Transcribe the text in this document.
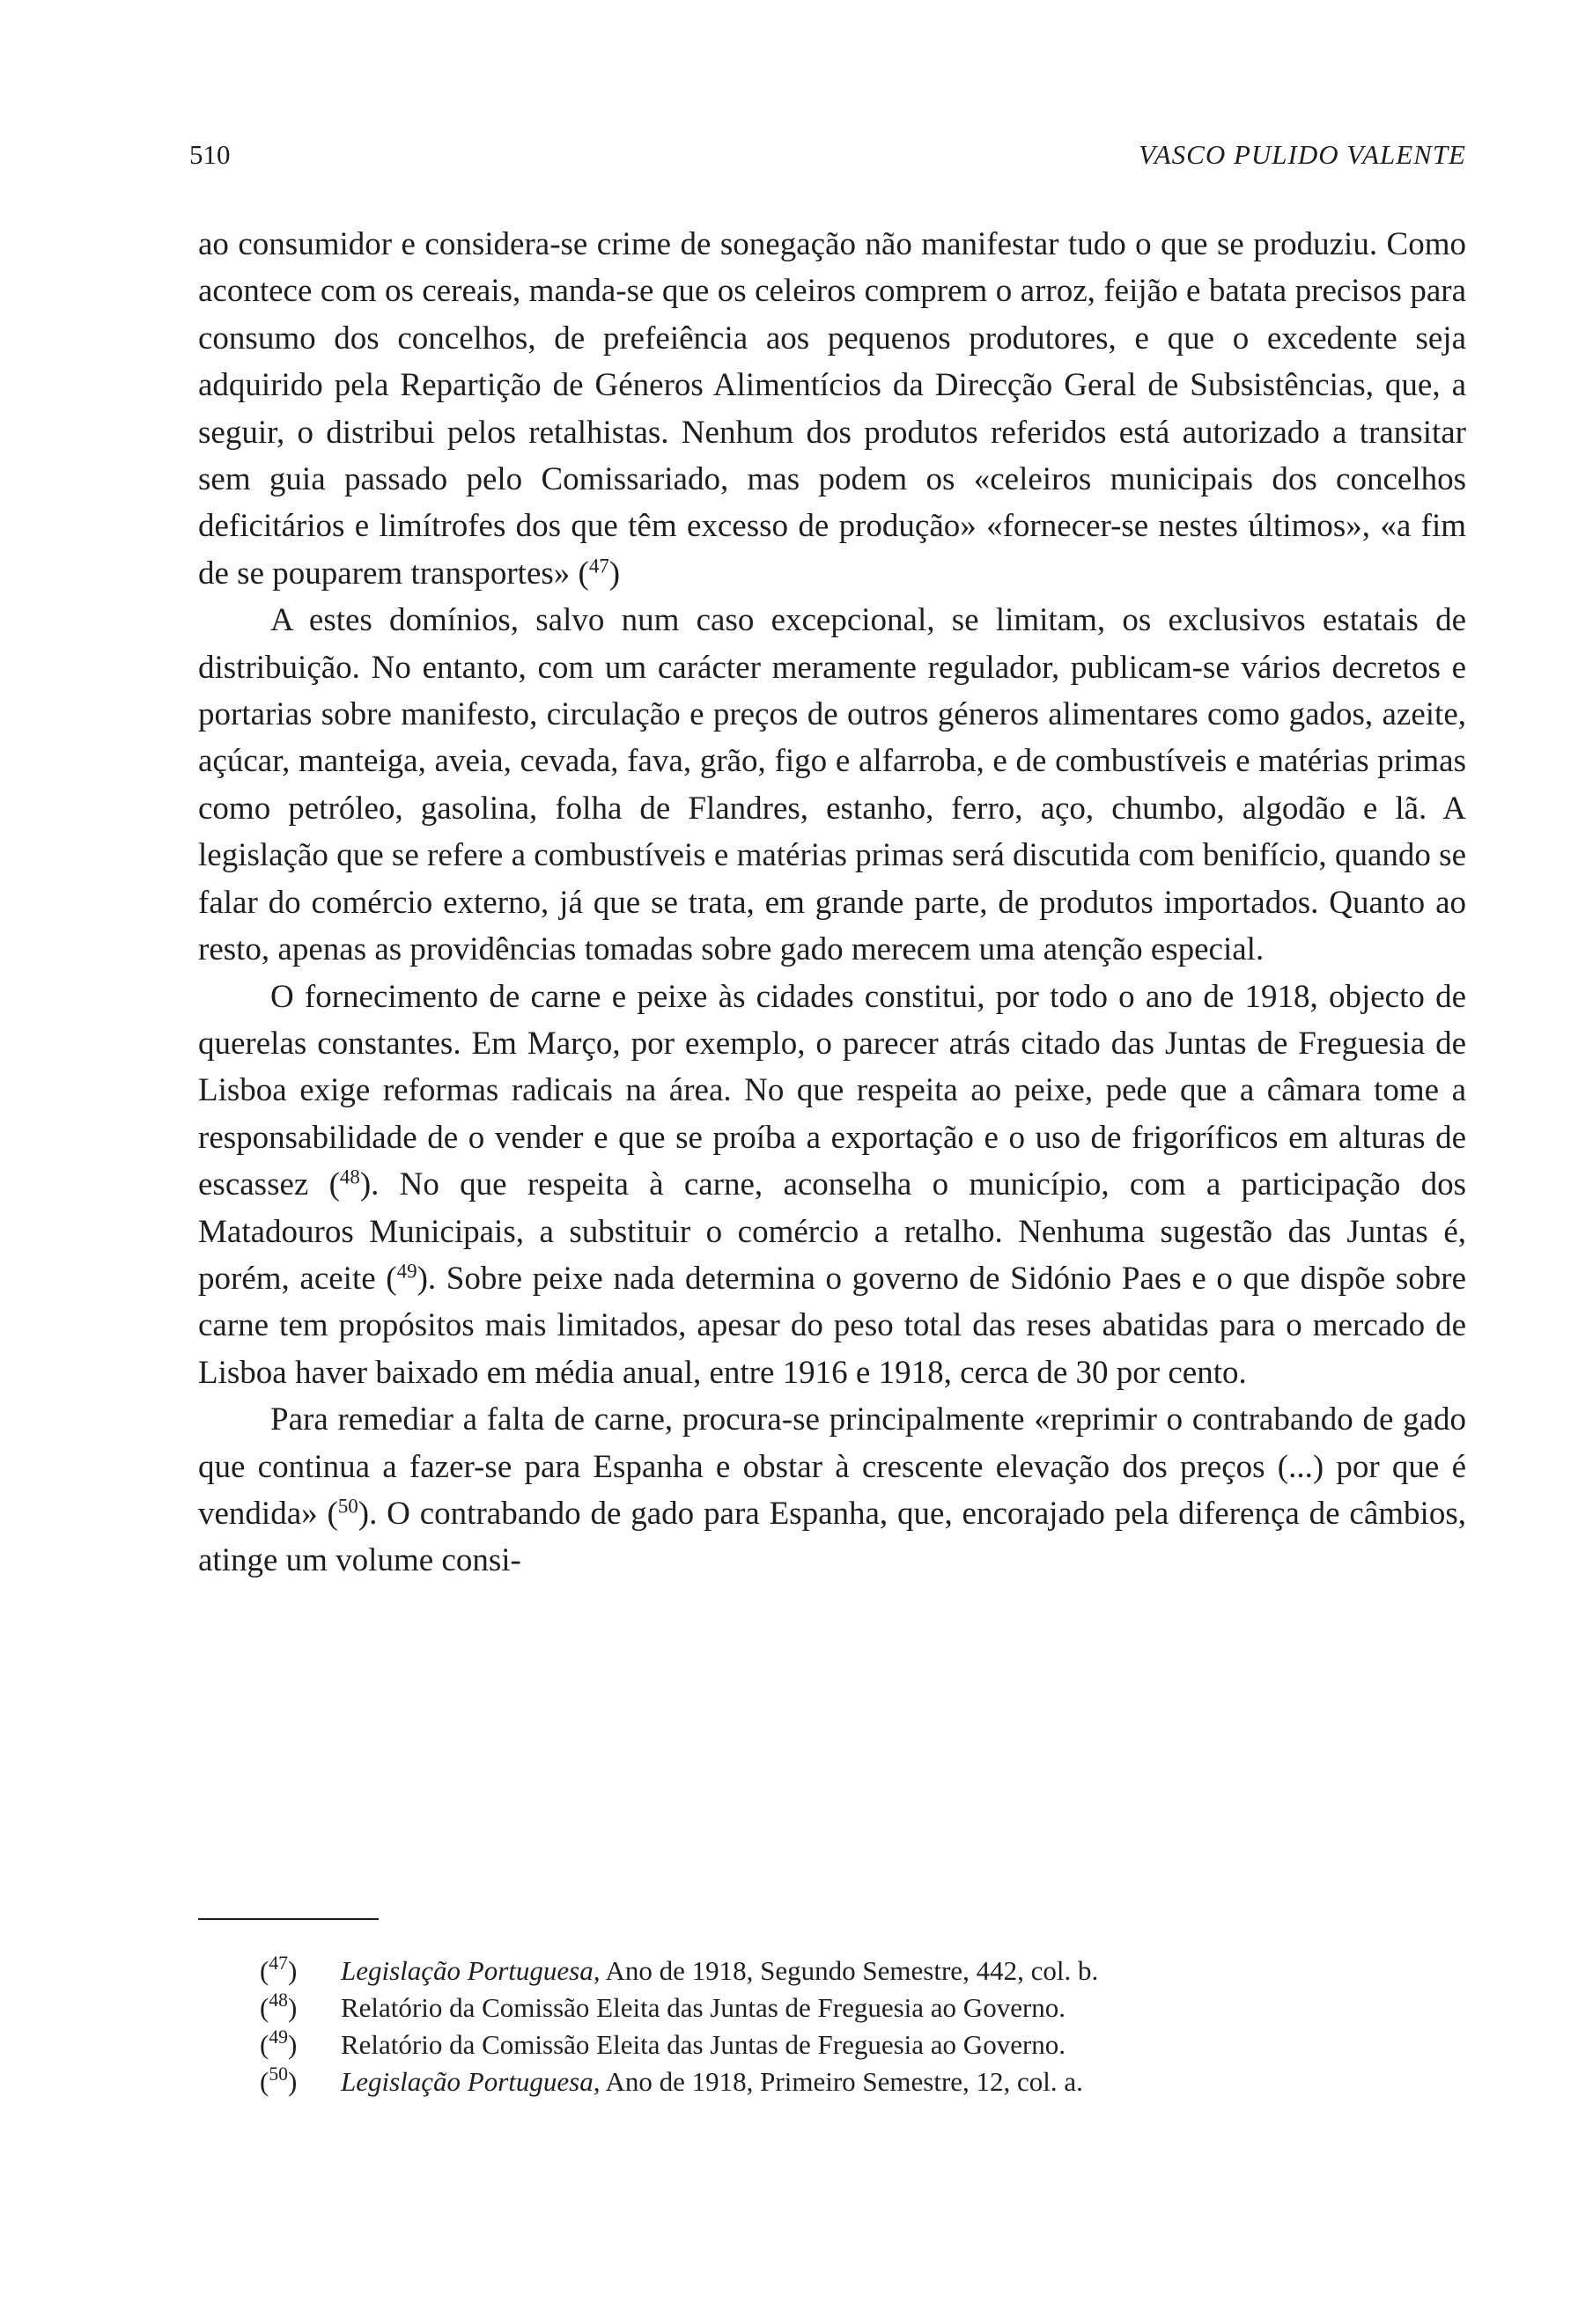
510	VASCO PULIDO VALENTE

ao consumidor e considera-se crime de sonegação não manifestar tudo o que se produziu. Como acontece com os cereais, manda-se que os celeiros comprem o arroz, feijão e batata precisos para consumo dos concelhos, de prefeiência aos pequenos produtores, e que o excedente seja adquirido pela Repartição de Géneros Alimentícios da Direcção Geral de Subsistências, que, a seguir, o distribui pelos retalhistas. Nenhum dos produtos referidos está autorizado a transitar sem guia passado pelo Comissariado, mas podem os «celeiros municipais dos concelhos deficitários e limítrofes dos que têm excesso de produção» «fornecer-se nestes últimos», «a fim de se pouparem transportes» ($^{47}$)

A estes domínios, salvo num caso excepcional, se limitam, os exclusivos estatais de distribuição. No entanto, com um carácter meramente regulador, publicam-se vários decretos e portarias sobre manifesto, circulação e preços de outros géneros alimentares como gados, azeite, açúcar, manteiga, aveia, cevada, fava, grão, figo e alfarroba, e de combustíveis e matérias primas como petróleo, gasolina, folha de Flandres, estanho, ferro, aço, chumbo, algodão e lã. A legislação que se refere a combustíveis e matérias primas será discutida com benifício, quando se falar do comércio externo, já que se trata, em grande parte, de produtos importados. Quanto ao resto, apenas as providências tomadas sobre gado merecem uma atenção especial.

O fornecimento de carne e peixe às cidades constitui, por todo o ano de 1918, objecto de querelas constantes. Em Março, por exemplo, o parecer atrás citado das Juntas de Freguesia de Lisboa exige reformas radicais na área. No que respeita ao peixe, pede que a câmara tome a responsabilidade de o vender e que se proíba a exportação e o uso de frigoríficos em alturas de escassez ($^{48}$). No que respeita à carne, aconselha o município, com a participação dos Matadouros Municipais, a substituir o comércio a retalho. Nenhuma sugestão das Juntas é, porém, aceite ($^{49}$). Sobre peixe nada determina o governo de Sidónio Paes e o que dispõe sobre carne tem propósitos mais limitados, apesar do peso total das reses abatidas para o mercado de Lisboa haver baixado em média anual, entre 1916 e 1918, cerca de 30 por cento.

Para remediar a falta de carne, procura-se principalmente «reprimir o contrabando de gado que continua a fazer-se para Espanha e obstar à crescente elevação dos preços (...) por que é vendida» ($^{50}$). O contrabando de gado para Espanha, que, encorajado pela diferença de câmbios, atinge um volume consi-

($^{47}$) Legislação Portuguesa, Ano de 1918, Segundo Semestre, 442, col. b.
($^{48}$) Relatório da Comissão Eleita das Juntas de Freguesia ao Governo.
($^{49}$) Relatório da Comissão Eleita das Juntas de Freguesia ao Governo.
($^{50}$) Legislação Portuguesa, Ano de 1918, Primeiro Semestre, 12, col. a.
